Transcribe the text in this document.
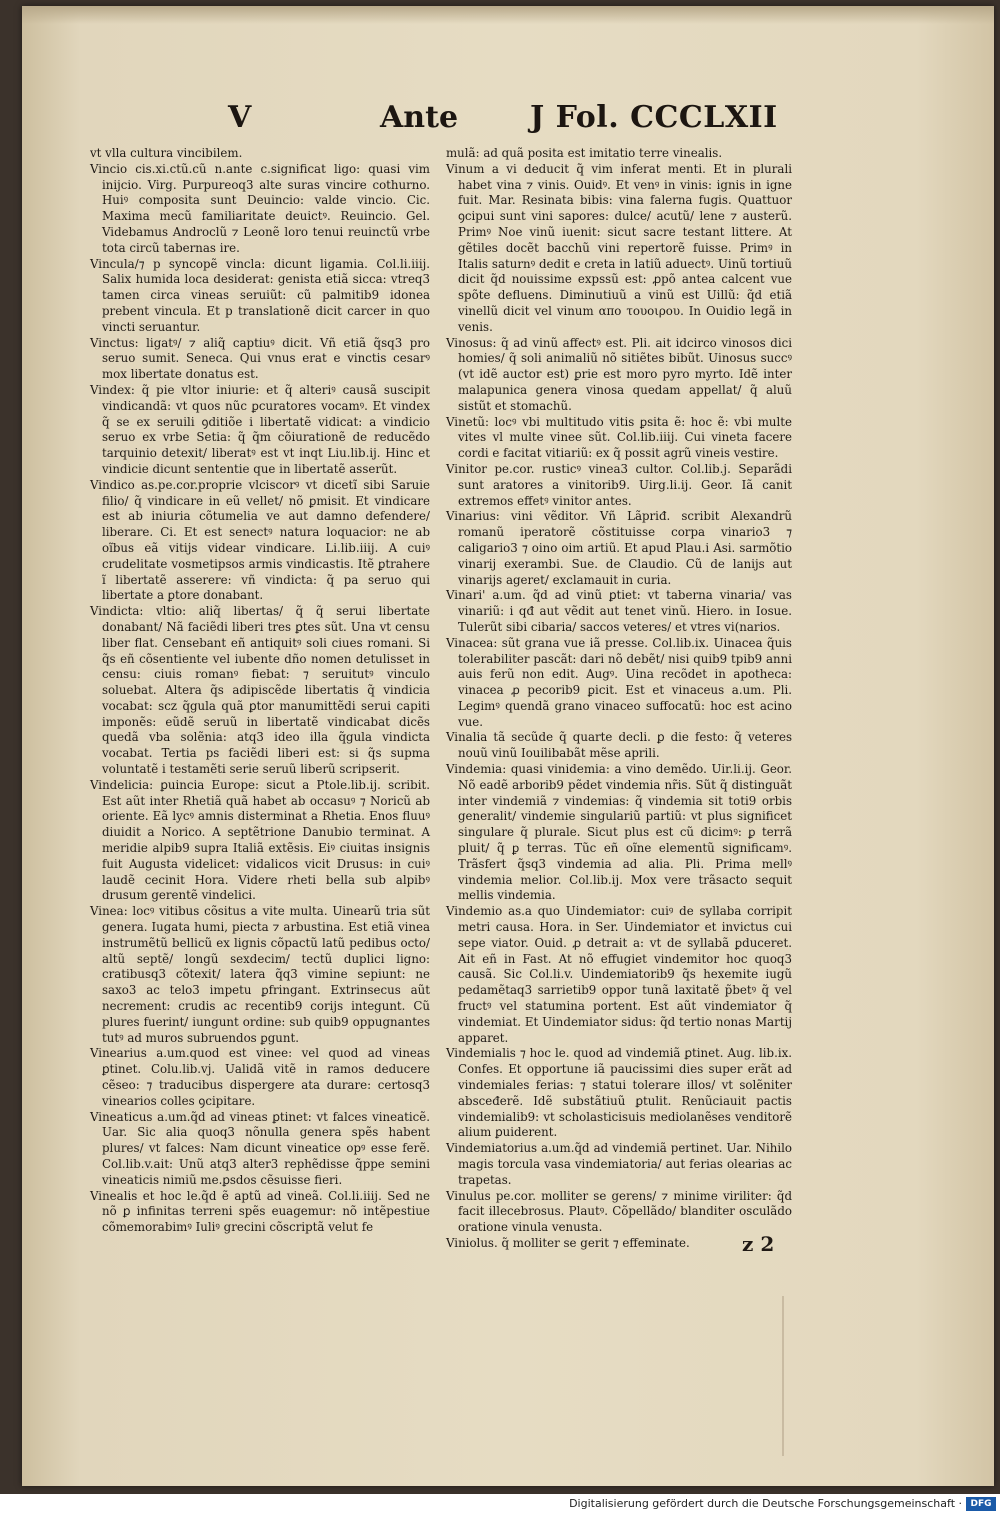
V	Ante J Fol. CCCLXII

vt vlla cultura vincibilem.

Vincio cis.xi.ctũ.cũ n.ante c.significat ligo: quasi vim inijcio. Virg. Purpureoq3 alte suras vincire cothurno. Huiꝰ composita sunt Deuincio: valde vincio. Cic. Maxima mecũ familiaritate deuictꝰ. Reuincio. Gel. Videbamus Androclũ ⁊ Leonẽ loro tenui reuinctũ vrbe tota circũ tabernas ire.

Vincula/⁊ p syncopẽ vincla: dicunt ligamia. Col.li.iiij. Salix humida loca desiderat: genista etiã sicca: vtreq3 tamen circa vineas seruiũt: cũ palmitib9 idonea prebent vincula. Et p translationẽ dicit carcer in quo vincti seruantur.

Vinctus: ligatꝰ/ ⁊ aliq̃ captiuꝰ dicit. Vñ etiã q̃sq3 pro seruo sumit. Seneca. Qui vnus erat e vinctis cesarꝰ mox libertate donatus est.

Vindex: q̃ pie vltor iniurie: et q̃ alteriꝰ causã suscipit vindicandã: vt quos nũc ꝑcuratores vocamꝰ. Et vindex q̃ se ex seruili ꝯditiõe i libertatẽ vidicat: a vindicio seruo ex vrbe Setia: q̃ q̃m cõiurationẽ de reducẽdo tarquinio detexit/ liberatꝰ est vt inqt Liu.lib.ij. Hinc et vindicie dicunt sententie que in libertatẽ asserũt.

Vindico as.pe.cor.proprie vlciscorꝰ vt dicetĩ sibi Saruie filio/ q̃ vindicare in eũ vellet/ nõ ꝑmisit. Et vindicare est ab iniuria cõtumelia ve aut damno defendere/ liberare. Ci. Et est senectꝰ natura loquacior: ne ab oĩbus eã vitijs videar vindicare. Li.lib.iiij. A cuiꝰ crudelitate vosmetipsos armis vindicastis. Itẽ ꝑtrahere ĩ libertatẽ asserere: vñ vindicta: q̃ pa seruo qui libertate a ꝑtore donabant.

Vindicta: vltio: aliq̃ libertas/ q̃ q̃ serui libertate donabant/ Nã faciẽdi liberi tres ꝑtes sũt. Una vt censu liber flat. Censebant eñ antiquitꝰ soli ciues romani. Si q̃s eñ cõsentiente vel iubente dño nomen detulisset in censu: ciuis romanꝰ fiebat: ⁊ seruitutꝰ vinculo soluebat. Altera q̃s adipiscẽde libertatis q̃ vindicia vocabat: scz q̃gula quã ꝑtor manumittẽdi serui capiti imponẽs: eũdẽ seruũ in libertatẽ vindicabat dicẽs quedã vba solẽnia: atq3 ideo illa q̃gula vindicta vocabat. Tertia ps faciẽdi liberi est: si q̃s supma voluntatẽ i testamẽti serie seruũ liberũ scripserit.

Vindelicia: ꝑuincia Europe: sicut a Ptole.lib.ij. scribit. Est aũt inter Rhetiã quã habet ab occasuꝰ ⁊ Noricũ ab oriente. Eã lycꝰ amnis disterminat a Rhetia. Enos fluuꝰ diuidit a Norico. A septẽtrione Danubio terminat. A meridie alpib9 supra Italiã extẽsis. Eiꝰ ciuitas insignis fuit Augusta videlicet: vidalicos vicit Drusus: in cuiꝰ laudẽ cecinit Hora. Videre rheti bella sub alpibꝰ drusum gerentẽ vindelici.

Vinea: locꝰ vitibus cõsitus a vite multa. Uinearũ tria sũt genera. Iugata humi, piecta ⁊ arbustina. Est etiã vinea instrumẽtũ bellicũ ex lignis cõpactũ latũ pedibus octo/ altũ septẽ/ longũ sexdecim/ tectũ duplici ligno: cratibusq3 cõtexit/ latera q̃q3 vimine sepiunt: ne saxo3 ac telo3 impetu ꝑfringant. Extrinsecus aũt necrement: crudis ac recentib9 corijs integunt. Cũ plures fuerint/ iungunt ordine: sub quib9 oppugnantes tutꝰ ad muros subruendos ꝑgunt.

Vinearius a.um.quod est vinee: vel quod ad vineas ꝑtinet. Colu.lib.vj. Ualidã vitẽ in ramos deducere cẽseo: ⁊ traducibus dispergere ata durare: certosq3 vinearios colles ꝯcipitare.

Vineaticus a.um.q̃d ad vineas ꝑtinet: vt falces vineaticẽ. Uar. Sic alia quoq3 nõnulla genera spẽs habent plures/ vt falces: Nam dicunt vineatice opꝰ esse ferẽ. Col.lib.v.ait: Unũ atq3 alter3 rephẽdisse q̃ppe semini vineaticis nimiũ me.ꝑsdos cẽsuisse fieri.

Vinealis et hoc le.q̃d ẽ aptũ ad vineã. Col.li.iiij. Sed ne nõ ꝑ infinitas terreni spẽs euagemur: nõ intẽpestiue cõmemorabimꝰ Iuliꝰ grecini cõscriptã velut fe

mulã: ad quã posita est imitatio terre vinealis.

Vinum a vi deducit q̃ vim inferat menti. Et in plurali habet vina ⁊ vinis. Ouidꝰ. Et venꝰ in vinis: ignis in igne fuit. Mar. Resinata bibis: vina falerna fugis. Quattuor ꝯcipui sunt vini sapores: dulce/ acutũ/ lene ⁊ austerũ. Primꝰ Noe vinũ iuenit: sicut sacre testant littere. At gẽtiles docẽt bacchũ vini repertorẽ fuisse. Primꝰ in Italis saturnꝰ dedit e creta in latiũ aduectꝰ. Uinũ tortiuũ dicit q̃d nouissime expssũ est: ꝓpõ antea calcent vue spõte defluens. Diminutiuũ a vinũ est Uillũ: q̃d etiã vinellũ dicit vel vinum απο τουοιρου. In Ouidio legã in venis.

Vinosus: q̃ ad vinũ affectꝰ est. Pli. ait idcirco vinosos dici homies/ q̃ soli animaliũ nõ sitiẽtes bibũt. Uinosus succꝰ (vt idẽ auctor est) ꝑrie est moro pyro myrto. Idẽ inter malapunica genera vinosa quedam appellat/ q̃ aluũ sistũt et stomachũ.

Vinetũ: locꝰ vbi multitudo vitis ꝑsita ẽ: hoc ẽ: vbi multe vites vl multe vinee sũt. Col.lib.iiij. Cui vineta facere cordi e facitat vitiariũ: ex q̃ possit agrũ vineis vestire.

Vinitor pe.cor. rusticꝰ vinea3 cultor. Col.lib.j. Separãdi sunt aratores a vinitorib9. Uirg.li.ij. Geor. Iã canit extremos effetꝰ vinitor antes.

Vinarius: vini vẽditor. Vñ Lãpriđ. scribit Alexandrũ romanũ iperatorẽ cõstituisse corpa vinario3 ⁊ caligario3 ⁊ oino oim artiũ. Et apud Plau.i Asi. sarmõtio vinarij exerambi. Sue. de Claudio. Cũ de lanijs aut vinarijs ageret/ exclamauit in curia.

Vinari' a.um. q̃d ad vinũ ꝑtiet: vt taberna vinaria/ vas vinariũ: i qđ aut vẽdit aut tenet vinũ. Hiero. in Iosue. Tulerũt sibi cibaria/ saccos veteres/ et vtres vi(narios.

Vinacea: sũt grana vue iã presse. Col.lib.ix. Uinacea q̃uis tolerabiliter pascãt: dari nõ debẽt/ nisi quib9 tpib9 anni auis ferũ non edit. Augꝰ. Uina recõdet in apotheca: vinacea ꝓ pecorib9 ꝑicit. Est et vinaceus a.um. Pli. Legimꝰ quendã grano vinaceo suffocatũ: hoc est acino vue.

Vinalia tã secũde q̃ quarte decli. ꝑ die festo: q̃ veteres nouũ vinũ Iouilibabãt mẽse aprili.

Vindemia: quasi vinidemia: a vino demẽdo. Uir.li.ij. Geor. Nõ eadẽ arborib9 pẽdet vindemia nr̃is. Sũt q̃ distinguãt inter vindemiã ⁊ vindemias: q̃ vindemia sit toti9 orbis generalit/ vindemie singulariũ partiũ: vt plus significet singulare q̃ plurale. Sicut plus est cũ dicimꝰ: ꝑ terrã pluit/ q̃ ꝑ terras. Tũc eñ oĩne elementũ significamꝰ. Trãsfert q̃sq3 vindemia ad alia. Pli. Prima mellꝰ vindemia melior. Col.lib.ij. Mox vere trãsacto sequit mellis vindemia.

Vindemio as.a quo Uindemiator: cuiꝰ de syllaba corripit metri causa. Hora. in Ser. Uindemiator et invictus cui sepe viator. Ouid. ꝓ detrait a: vt de syllabã ꝑduceret. Ait eñ in Fast. At nõ effugiet vindemitor hoc quoq3 causã. Sic Col.li.v. Uindemiatorib9 q̃s hexemite iugũ pedamẽtaq3 sarrietib9 oppor tunã laxitatẽ p̃betꝰ q̃ vel fructꝰ vel statumina portent. Est aũt vindemiator q̃ vindemiat. Et Uindemiator sidus: q̃d tertio nonas Martij apparet.

Vindemialis ⁊ hoc le. quod ad vindemiã ꝑtinet. Aug. lib.ix. Confes. Et opportune iã paucissimi dies super erãt ad vindemiales ferias: ⁊ statui tolerare illos/ vt solẽniter absceđerẽ. Idẽ substãtiuũ ꝑtulit. Renũciauit pactis vindemialib9: vt scholasticisuis mediolanẽses venditorẽ alium ꝑuiderent.

Vindemiatorius a.um.q̃d ad vindemiã pertinet. Uar. Nihilo magis torcula vasa vindemiatoria/ aut ferias olearias ac trapetas.

Vinulus pe.cor. molliter se gerens/ ⁊ minime viriliter: q̃d facit illecebrosus. Plautꝰ. Cõpellãdo/ blanditer osculãdo oratione vinula venusta.

Viniolus. q̃ molliter se gerit ⁊ effeminate.	z 2
Digitalisierung gefördert durch die Deutsche Forschungsgemeinschaft · DFG
